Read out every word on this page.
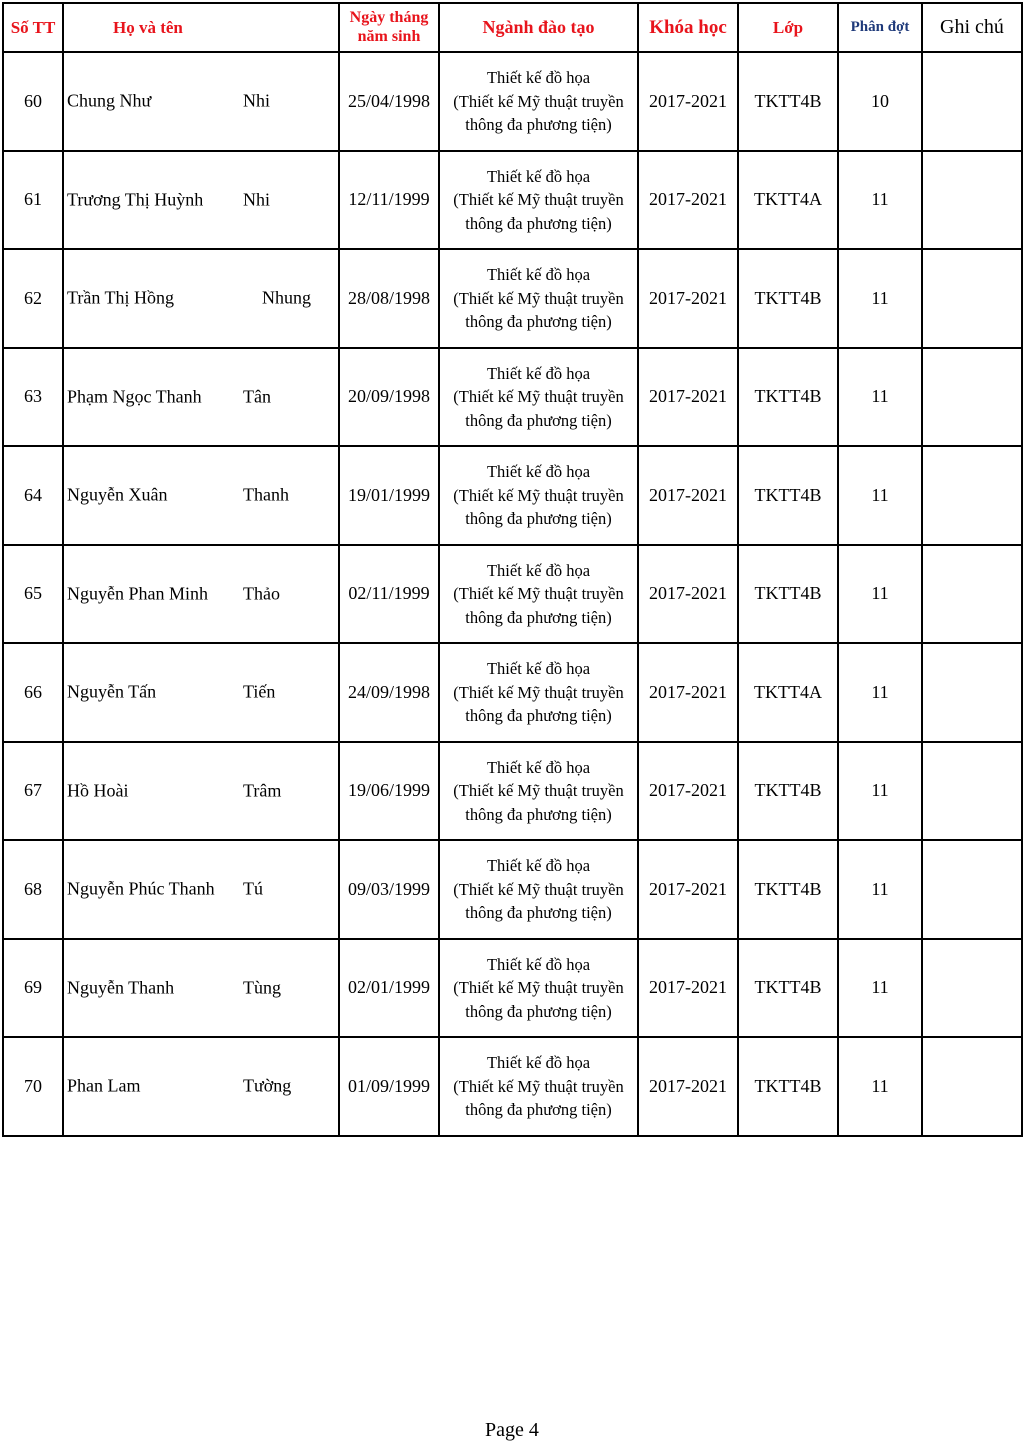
Số TT	Họ và tên	Ngày tháng
năm sinh	Ngành đào tạo	Khóa học	Lớp	Phân đợt	Ghi chú
60	Chung Như Nhi	25/04/1998	Thiết kế đồ họa
(Thiết kế Mỹ thuật truyền
thông đa phương tiện)	2017-2021	TKTT4B	10	
61	Trương Thị Huỳnh Nhi	12/11/1999	Thiết kế đồ họa
(Thiết kế Mỹ thuật truyền
thông đa phương tiện)	2017-2021	TKTT4A	11	
62	Trần Thị Hồng Nhung	28/08/1998	Thiết kế đồ họa
(Thiết kế Mỹ thuật truyền
thông đa phương tiện)	2017-2021	TKTT4B	11	
63	Phạm Ngọc Thanh Tân	20/09/1998	Thiết kế đồ họa
(Thiết kế Mỹ thuật truyền
thông đa phương tiện)	2017-2021	TKTT4B	11	
64	Nguyễn Xuân Thanh	19/01/1999	Thiết kế đồ họa
(Thiết kế Mỹ thuật truyền
thông đa phương tiện)	2017-2021	TKTT4B	11	
65	Nguyễn Phan Minh Thảo	02/11/1999	Thiết kế đồ họa
(Thiết kế Mỹ thuật truyền
thông đa phương tiện)	2017-2021	TKTT4B	11	
66	Nguyễn Tấn Tiến	24/09/1998	Thiết kế đồ họa
(Thiết kế Mỹ thuật truyền
thông đa phương tiện)	2017-2021	TKTT4A	11	
67	Hồ Hoài Trâm	19/06/1999	Thiết kế đồ họa
(Thiết kế Mỹ thuật truyền
thông đa phương tiện)	2017-2021	TKTT4B	11	
68	Nguyễn Phúc Thanh Tú	09/03/1999	Thiết kế đồ họa
(Thiết kế Mỹ thuật truyền
thông đa phương tiện)	2017-2021	TKTT4B	11	
69	Nguyễn Thanh Tùng	02/01/1999	Thiết kế đồ họa
(Thiết kế Mỹ thuật truyền
thông đa phương tiện)	2017-2021	TKTT4B	11	
70	Phan Lam Tường	01/09/1999	Thiết kế đồ họa
(Thiết kế Mỹ thuật truyền
thông đa phương tiện)	2017-2021	TKTT4B	11	
Page 4
